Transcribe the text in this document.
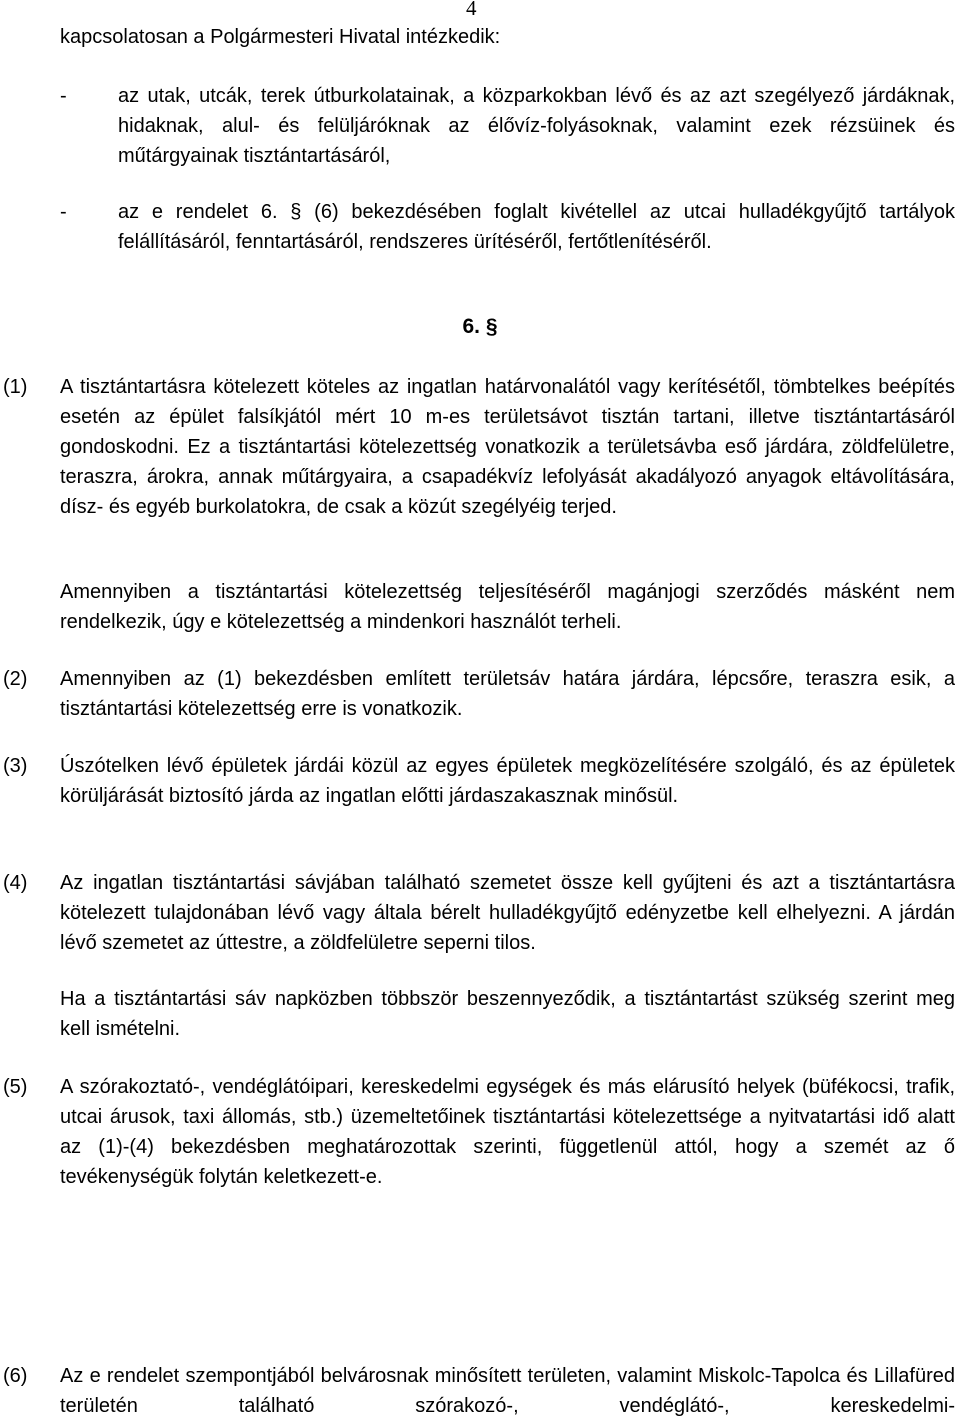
4
kapcsolatosan a Polgármesteri Hivatal intézkedik:
-	az utak, utcák, terek útburkolatainak, a közparkokban lévő és az azt szegélyező járdáknak, hidaknak, alul- és felüljáróknak az élővíz-folyásoknak, valamint ezek rézsüinek és műtárgyainak tisztántartásáról,
-	az e rendelet 6. § (6) bekezdésében foglalt kivétellel az utcai hulladékgyűjtő tartályok felállításáról, fenntartásáról, rendszeres ürítéséről, fertőtlenítéséről.
6. §
(1) A tisztántartásra kötelezett köteles az ingatlan határvonalától vagy kerítésétől, tömbtelkes beépítés esetén az épület falsíkjától mért 10 m-es területsávot tisztán tartani, illetve tisztántartásáról gondoskodni. Ez a tisztántartási kötelezettség vonatkozik a területsávba eső járdára, zöldfelületre, teraszra, árokra, annak műtárgyaira, a csapadékvíz lefolyását akadályozó anyagok eltávolítására, dísz- és egyéb burkolatokra, de csak a közút szegélyéig terjed.
Amennyiben a tisztántartási kötelezettség teljesítéséről magánjogi szerződés másként nem rendelkezik, úgy e kötelezettség a mindenkori használót terheli.
(2) Amennyiben az (1) bekezdésben említett területsáv határa járdára, lépcsőre, teraszra esik, a tisztántartási kötelezettség erre is vonatkozik.
(3) Úszótelken lévő épületek járdái közül az egyes épületek megközelítésére szolgáló, és az épületek körüljárását biztosító járda az ingatlan előtti járdaszakasznak minősül.
(4) Az ingatlan tisztántartási sávjában található szemetet össze kell gyűjteni és azt a tisztántartásra kötelezett tulajdonában lévő vagy általa bérelt hulladékgyűjtő edényzetbe kell elhelyezni. A járdán lévő szemetet az úttestre, a zöldfelületre seperni tilos.
Ha a tisztántartási sáv napközben többször beszennyeződik, a tisztántartást szükség szerint meg kell ismételni.
(5) A szórakoztató-, vendéglátóipari, kereskedelmi egységek és más elárusító helyek (büfékocsi, trafik, utcai árusok, taxi állomás, stb.) üzemeltetőinek tisztántartási kötelezettsége a nyitvatartási idő alatt az (1)-(4) bekezdésben meghatározottak szerinti, függetlenül attól, hogy a szemét az ő tevékenységük folytán keletkezett-e.
(6) Az e rendelet szempontjából belvárosnak minősített területen, valamint Miskolc-Tapolca és Lillafüred területén található szórakozó-, vendéglátó-, kereskedelmi-
